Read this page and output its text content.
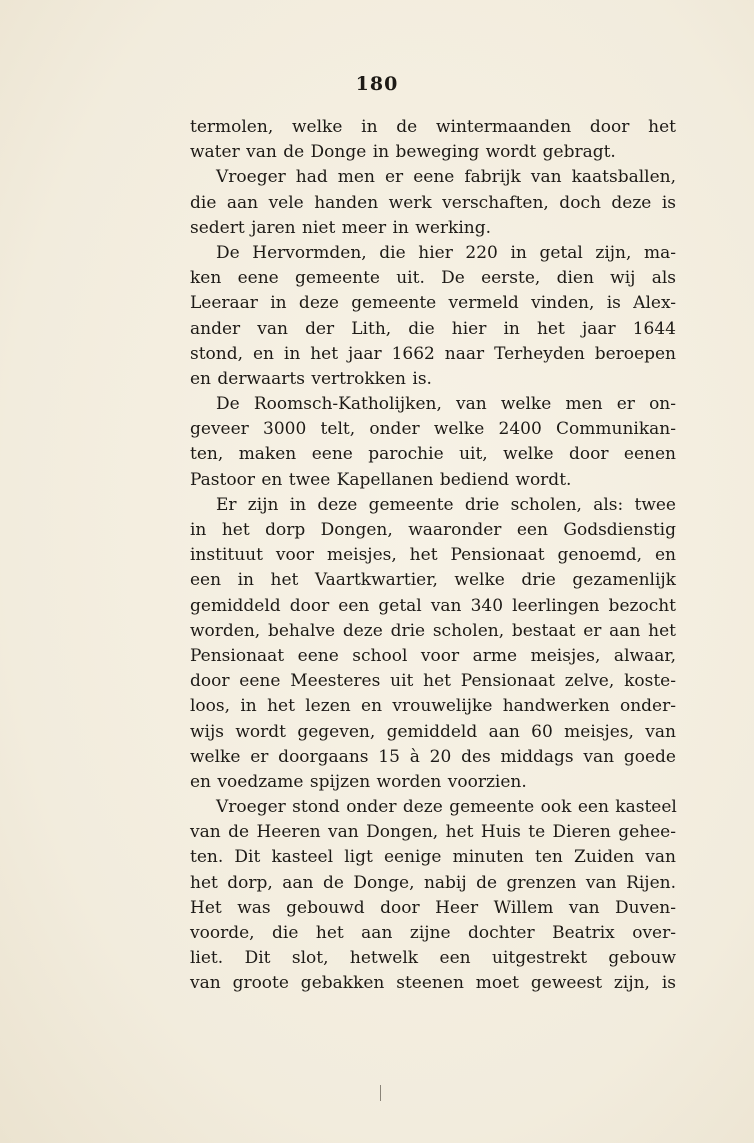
180
termolen, welke in de wintermaanden door het
water van de Donge in beweging wordt gebragt.
Vroeger had men er eene fabrijk van kaatsballen,
die aan vele handen werk verschaften, doch deze is
sedert jaren niet meer in werking.
De Hervormden, die hier 220 in getal zijn, ma-
ken eene gemeente uit. De eerste, dien wij als
Leeraar in deze gemeente vermeld vinden, is Alex-
ander van der Lith, die hier in het jaar 1644
stond, en in het jaar 1662 naar Terheyden beroepen
en derwaarts vertrokken is.
De Roomsch-Katholijken, van welke men er on-
geveer 3000 telt, onder welke 2400 Communikan-
ten, maken eene parochie uit, welke door eenen
Pastoor en twee Kapellanen bediend wordt.
Er zijn in deze gemeente drie scholen, als: twee
in het dorp Dongen, waaronder een Godsdienstig
instituut voor meisjes, het Pensionaat genoemd, en
een in het Vaartkwartier, welke drie gezamenlijk
gemiddeld door een getal van 340 leerlingen bezocht
worden, behalve deze drie scholen, bestaat er aan het
Pensionaat eene school voor arme meisjes, alwaar,
door eene Meesteres uit het Pensionaat zelve, koste-
loos, in het lezen en vrouwelijke handwerken onder-
wijs wordt gegeven, gemiddeld aan 60 meisjes, van
welke er doorgaans 15 à 20 des middags van goede
en voedzame spijzen worden voorzien.
Vroeger stond onder deze gemeente ook een kasteel
van de Heeren van Dongen, het Huis te Dieren gehee-
ten. Dit kasteel ligt eenige minuten ten Zuiden van
het dorp, aan de Donge, nabij de grenzen van Rijen.
Het was gebouwd door Heer Willem van Duven-
voorde, die het aan zijne dochter Beatrix over-
liet. Dit slot, hetwelk een uitgestrekt gebouw
van groote gebakken steenen moet geweest zijn, is
